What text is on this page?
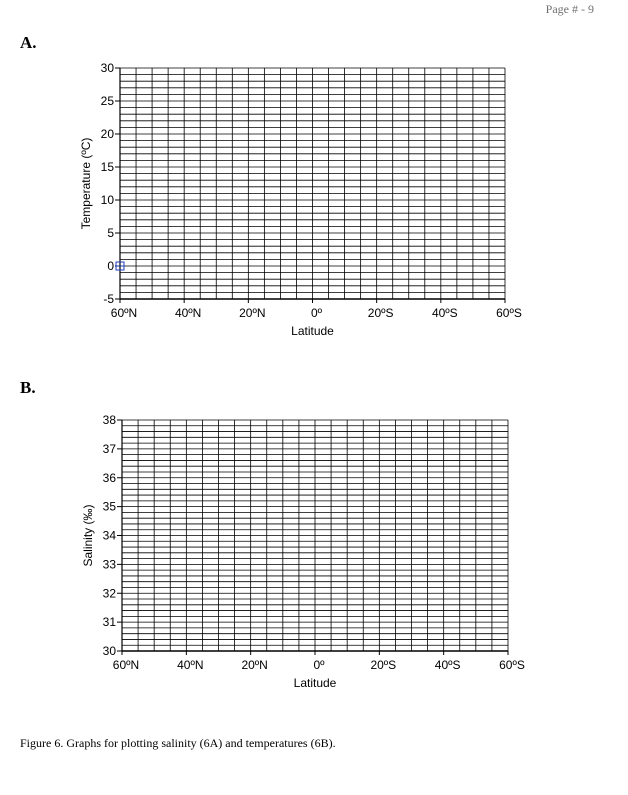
Page # - 9
A.
-5
0
5
10
15
20
25
30
60ºN	40ºN	20ºN	0º	20ºS	40ºS	60ºS
Latitude
Temperature (ºC)
B.
30
31
32
33
34
35
36
37
38
60ºN	40ºN	20ºN	0º	20ºS	40ºS	60ºS
Latitude
Salinity (‰)
Figure 6. Graphs for plotting salinity (6A) and temperatures (6B).
